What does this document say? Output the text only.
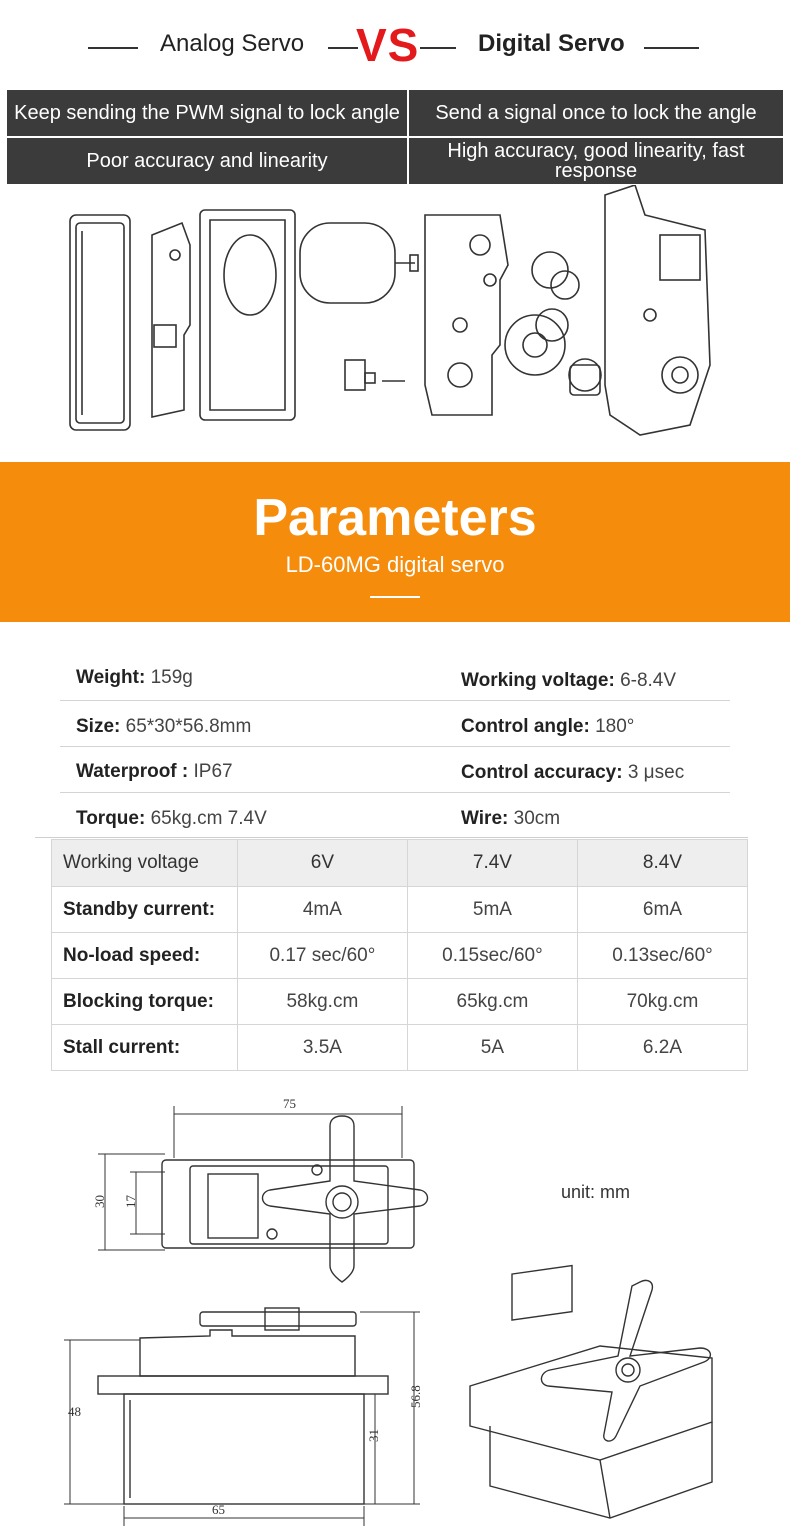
Analog Servo VS Digital Servo
Keep sending the PWM signal to lock angle	Send a signal once to lock the angle
Poor accuracy and linearity	High accuracy, good linearity, fast response
Parameters
LD-60MG digital servo
Weight: 159g	Working voltage: 6-8.4V
Size: 65*30*56.8mm	Control angle: 180°
Waterproof : IP67	Control accuracy: 3 μsec
Torque: 65kg.cm 7.4V	Wire: 30cm
Working voltage	6V	7.4V	8.4V
Standby current:	4mA	5mA	6mA
No-load speed:	0.17 sec/60°	0.15sec/60°	0.13sec/60°
Blocking torque:	58kg.cm	65kg.cm	70kg.cm
Stall current:	3.5A	5A	6.2A
75
30 17
48
31
56.8
65
unit: mm
